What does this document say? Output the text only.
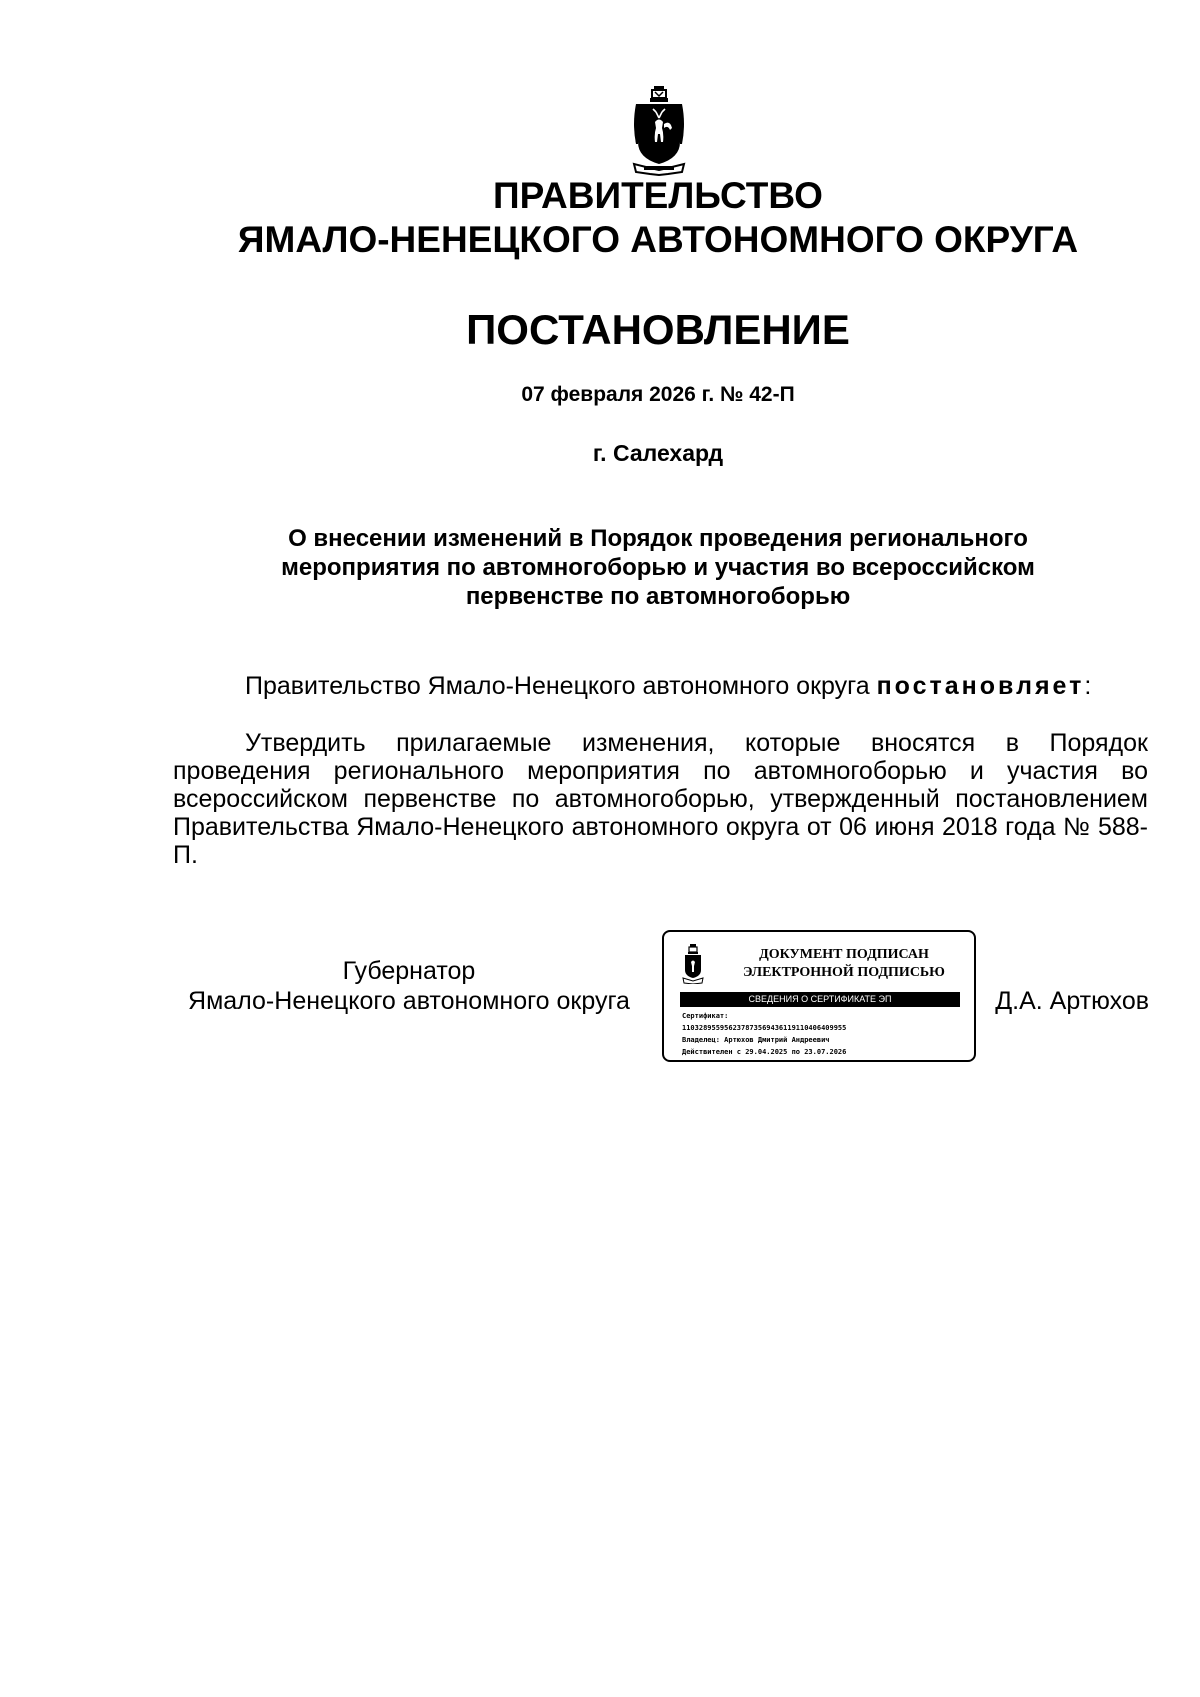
ПРАВИТЕЛЬСТВО
ЯМАЛО-НЕНЕЦКОГО АВТОНОМНОГО ОКРУГА
ПОСТАНОВЛЕНИЕ
07 февраля 2026 г. № 42-П
г. Салехард
О внесении изменений в Порядок проведения регионального
мероприятия по автомногоборью и участия во всероссийском
первенстве по автомногоборью

Правительство Ямало-Ненецкого автономного округа постановляет:

Утвердить прилагаемые изменения, которые вносятся в Порядок проведения регионального мероприятия по автомногоборью и участия во всероссийском первенстве по автомногоборью, утвержденный постановлением Правительства Ямало-Ненецкого автономного округа от 06 июня 2018 года № 588-П.

Губернатор
Ямало-Ненецкого автономного округа
ДОКУМЕНТ ПОДПИСАН
ЭЛЕКТРОННОЙ ПОДПИСЬЮ
СВЕДЕНИЯ О СЕРТИФИКАТЕ ЭП
Сертификат:
110328955956237873569436119110406409955
Владелец: Артюхов Дмитрий Андреевич
Действителен с 29.04.2025 по 23.07.2026
Д.А. Артюхов
